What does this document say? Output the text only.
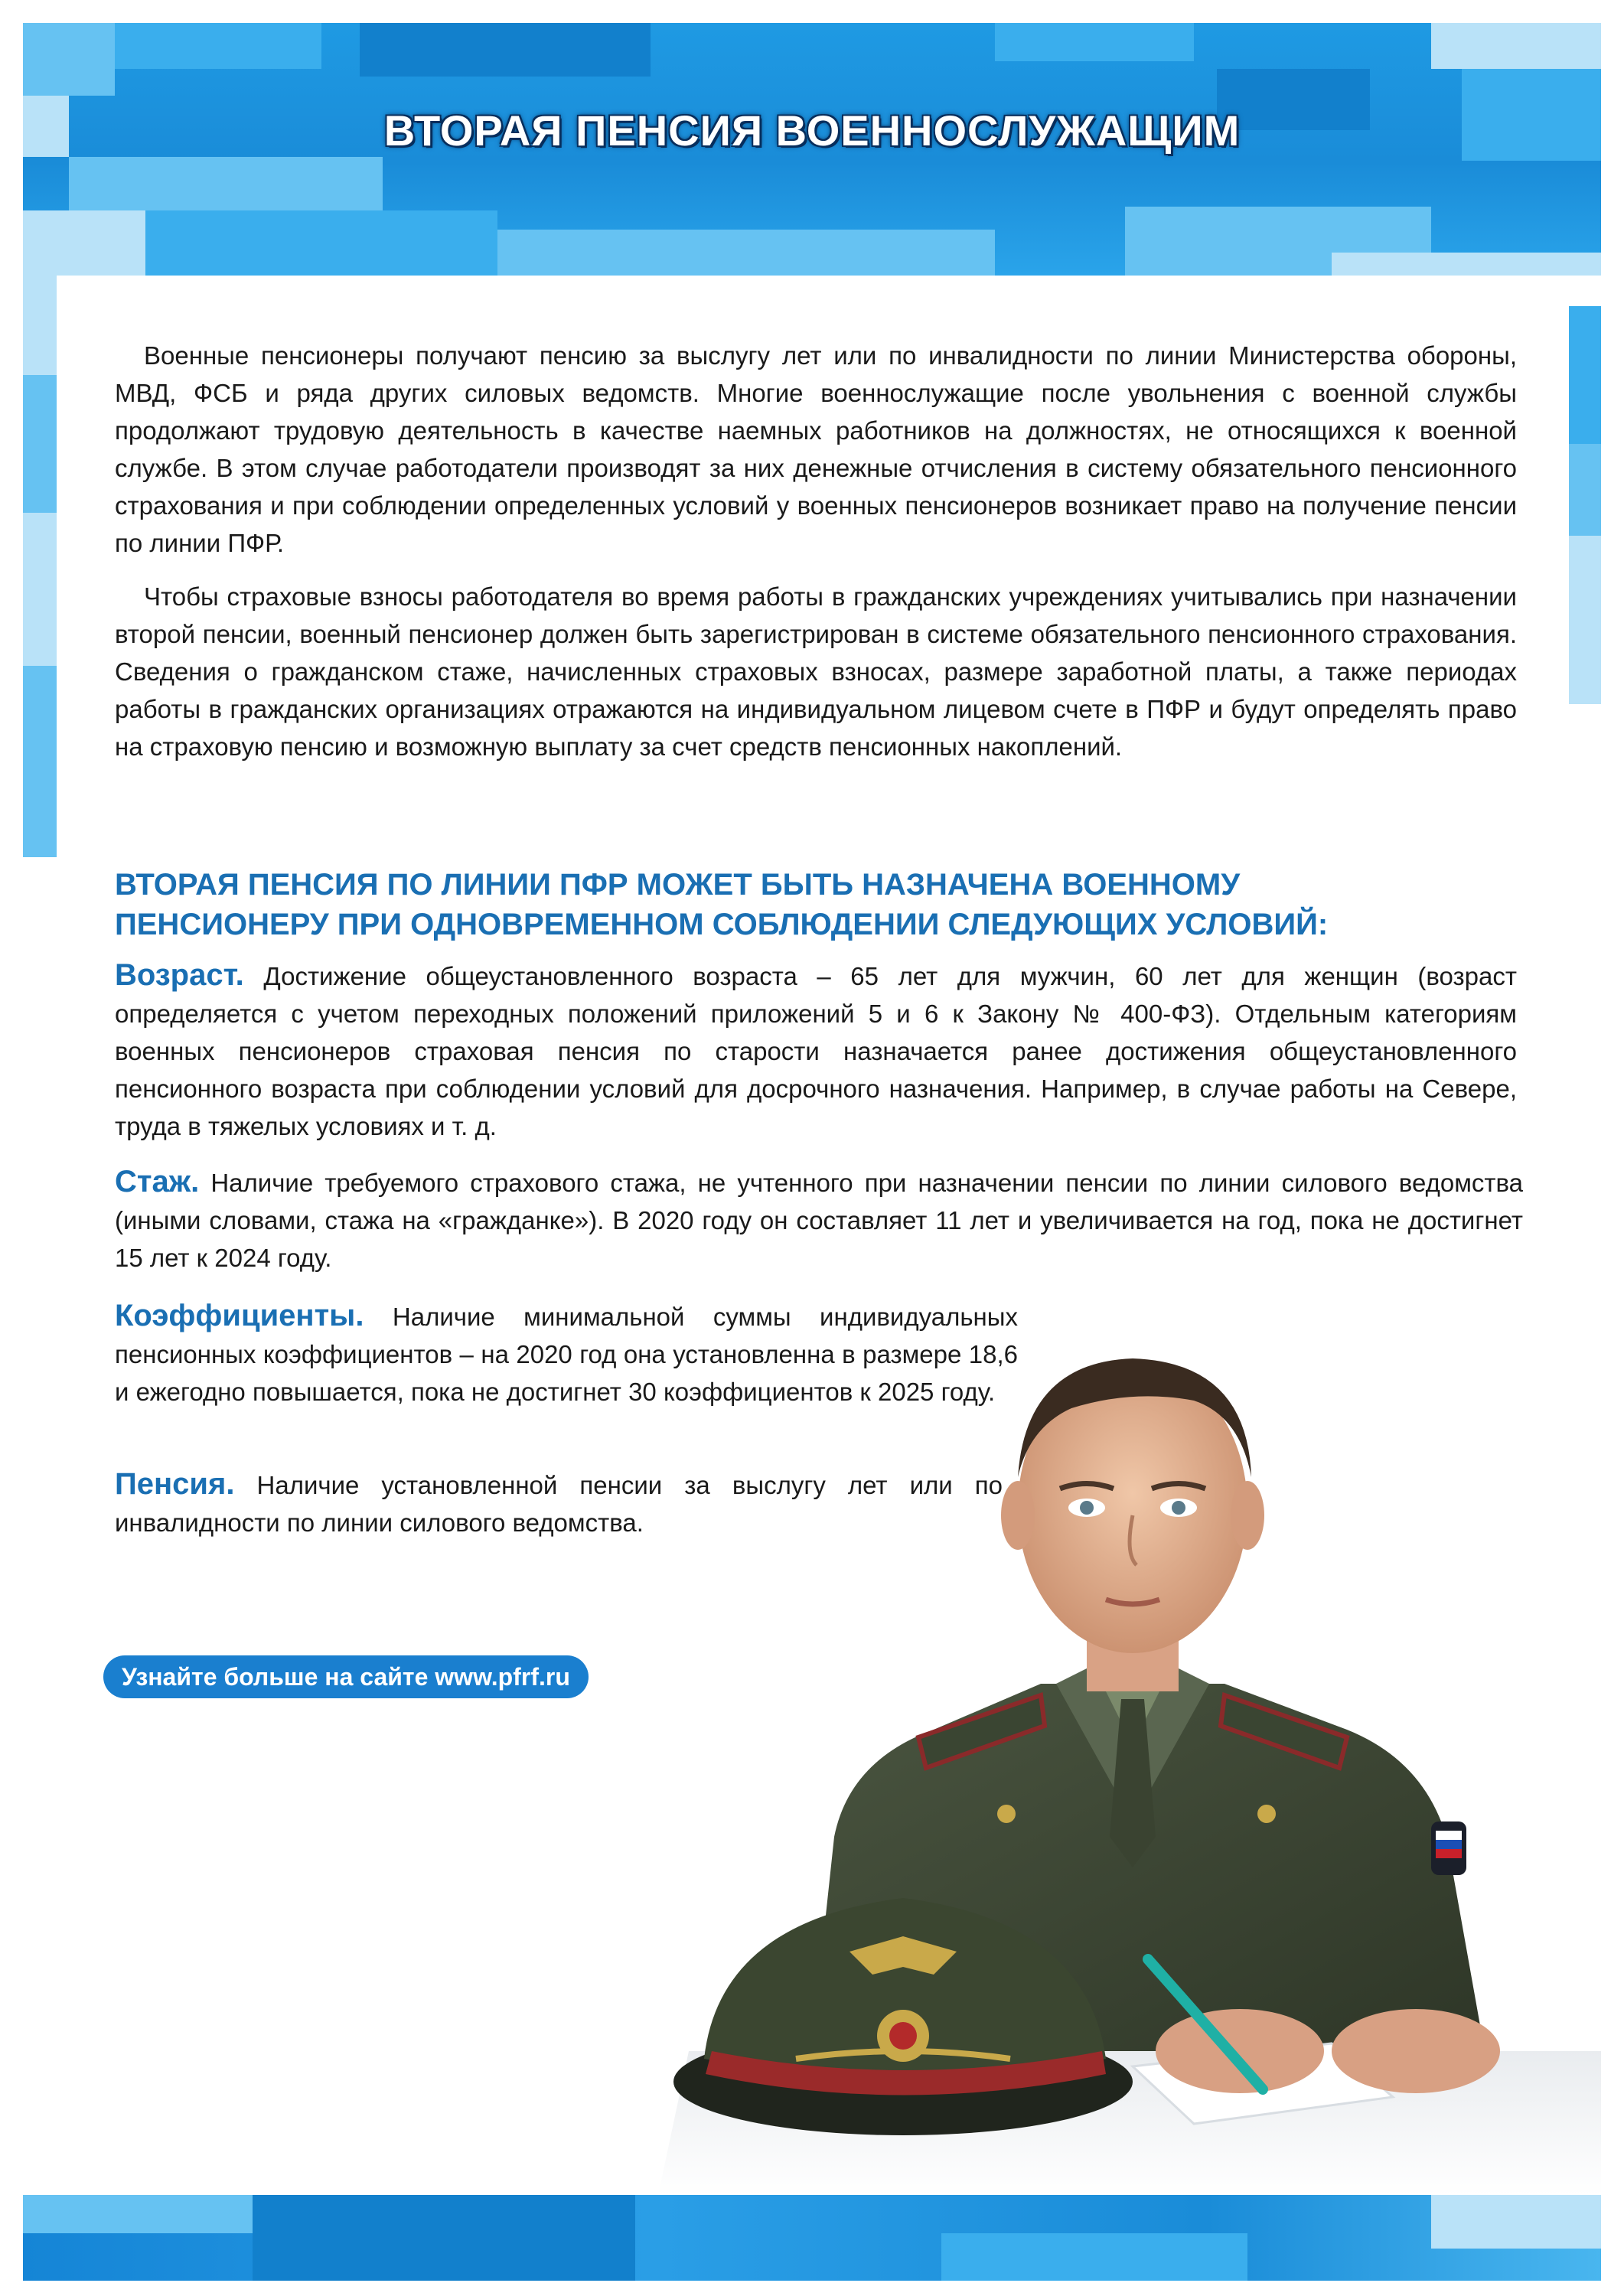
ВТОРАЯ ПЕНСИЯ ВОЕННОСЛУЖАЩИМ

Военные пенсионеры получают пенсию за выслугу лет или по инвалидности по линии Министерства обороны, МВД, ФСБ и ряда других силовых ведомств. Многие военнослужащие после увольнения с военной службы продолжают трудовую деятельность в качестве наемных работников на должностях, не относящихся к военной службе. В этом случае работодатели производят за них денежные отчисления в систему обязательного пенсионного страхования и при соблюдении определенных условий у военных пенсионеров возникает право на получение пенсии по линии ПФР.

Чтобы страховые взносы работодателя во время работы в гражданских учреждениях учитывались при назначении второй пенсии, военный пенсионер должен быть зарегистрирован в системе обязательного пенсионного страхования. Сведения о гражданском стаже, начисленных страховых взносах, размере заработной платы, а также периодах работы в гражданских организациях отражаются на индивидуальном лицевом счете в ПФР и будут определять право на страховую пенсию и возможную выплату за счет средств пенсионных накоплений.

ВТОРАЯ ПЕНСИЯ ПО ЛИНИИ ПФР МОЖЕТ БЫТЬ НАЗНАЧЕНА ВОЕННОМУ
ПЕНСИОНЕРУ ПРИ ОДНОВРЕМЕННОМ СОБЛЮДЕНИИ СЛЕДУЮЩИХ УСЛОВИЙ:

Возраст. Достижение общеустановленного возраста – 65 лет для мужчин, 60 лет для женщин (возраст определяется с учетом переходных положений приложений 5 и 6 к Закону № 400-ФЗ). Отдельным категориям военных пенсионеров страховая пенсия по старости назначается ранее достижения общеустановленного пенсионного возраста при соблюдении условий для досрочного назначения. Например, в случае работы на Севере, труда в тяжелых условиях и т. д.

Стаж. Наличие требуемого страхового стажа, не учтенного при назначении пенсии по линии силового ведомства (иными словами, стажа на «гражданке»). В 2020 году он составляет 11 лет и увеличивается на год, пока не достигнет 15 лет к 2024 году.

Коэффициенты. Наличие минимальной суммы индивидуальных пенсионных коэффициентов – на 2020 год она установленна в размере 18,6 и ежегодно повышается, пока не достигнет 30 коэффициентов к 2025 году.

Пенсия. Наличие установленной пенсии за выслугу лет или по инвалидности по линии силового ведомства.

Узнайте больше на сайте www.pfrf.ru
